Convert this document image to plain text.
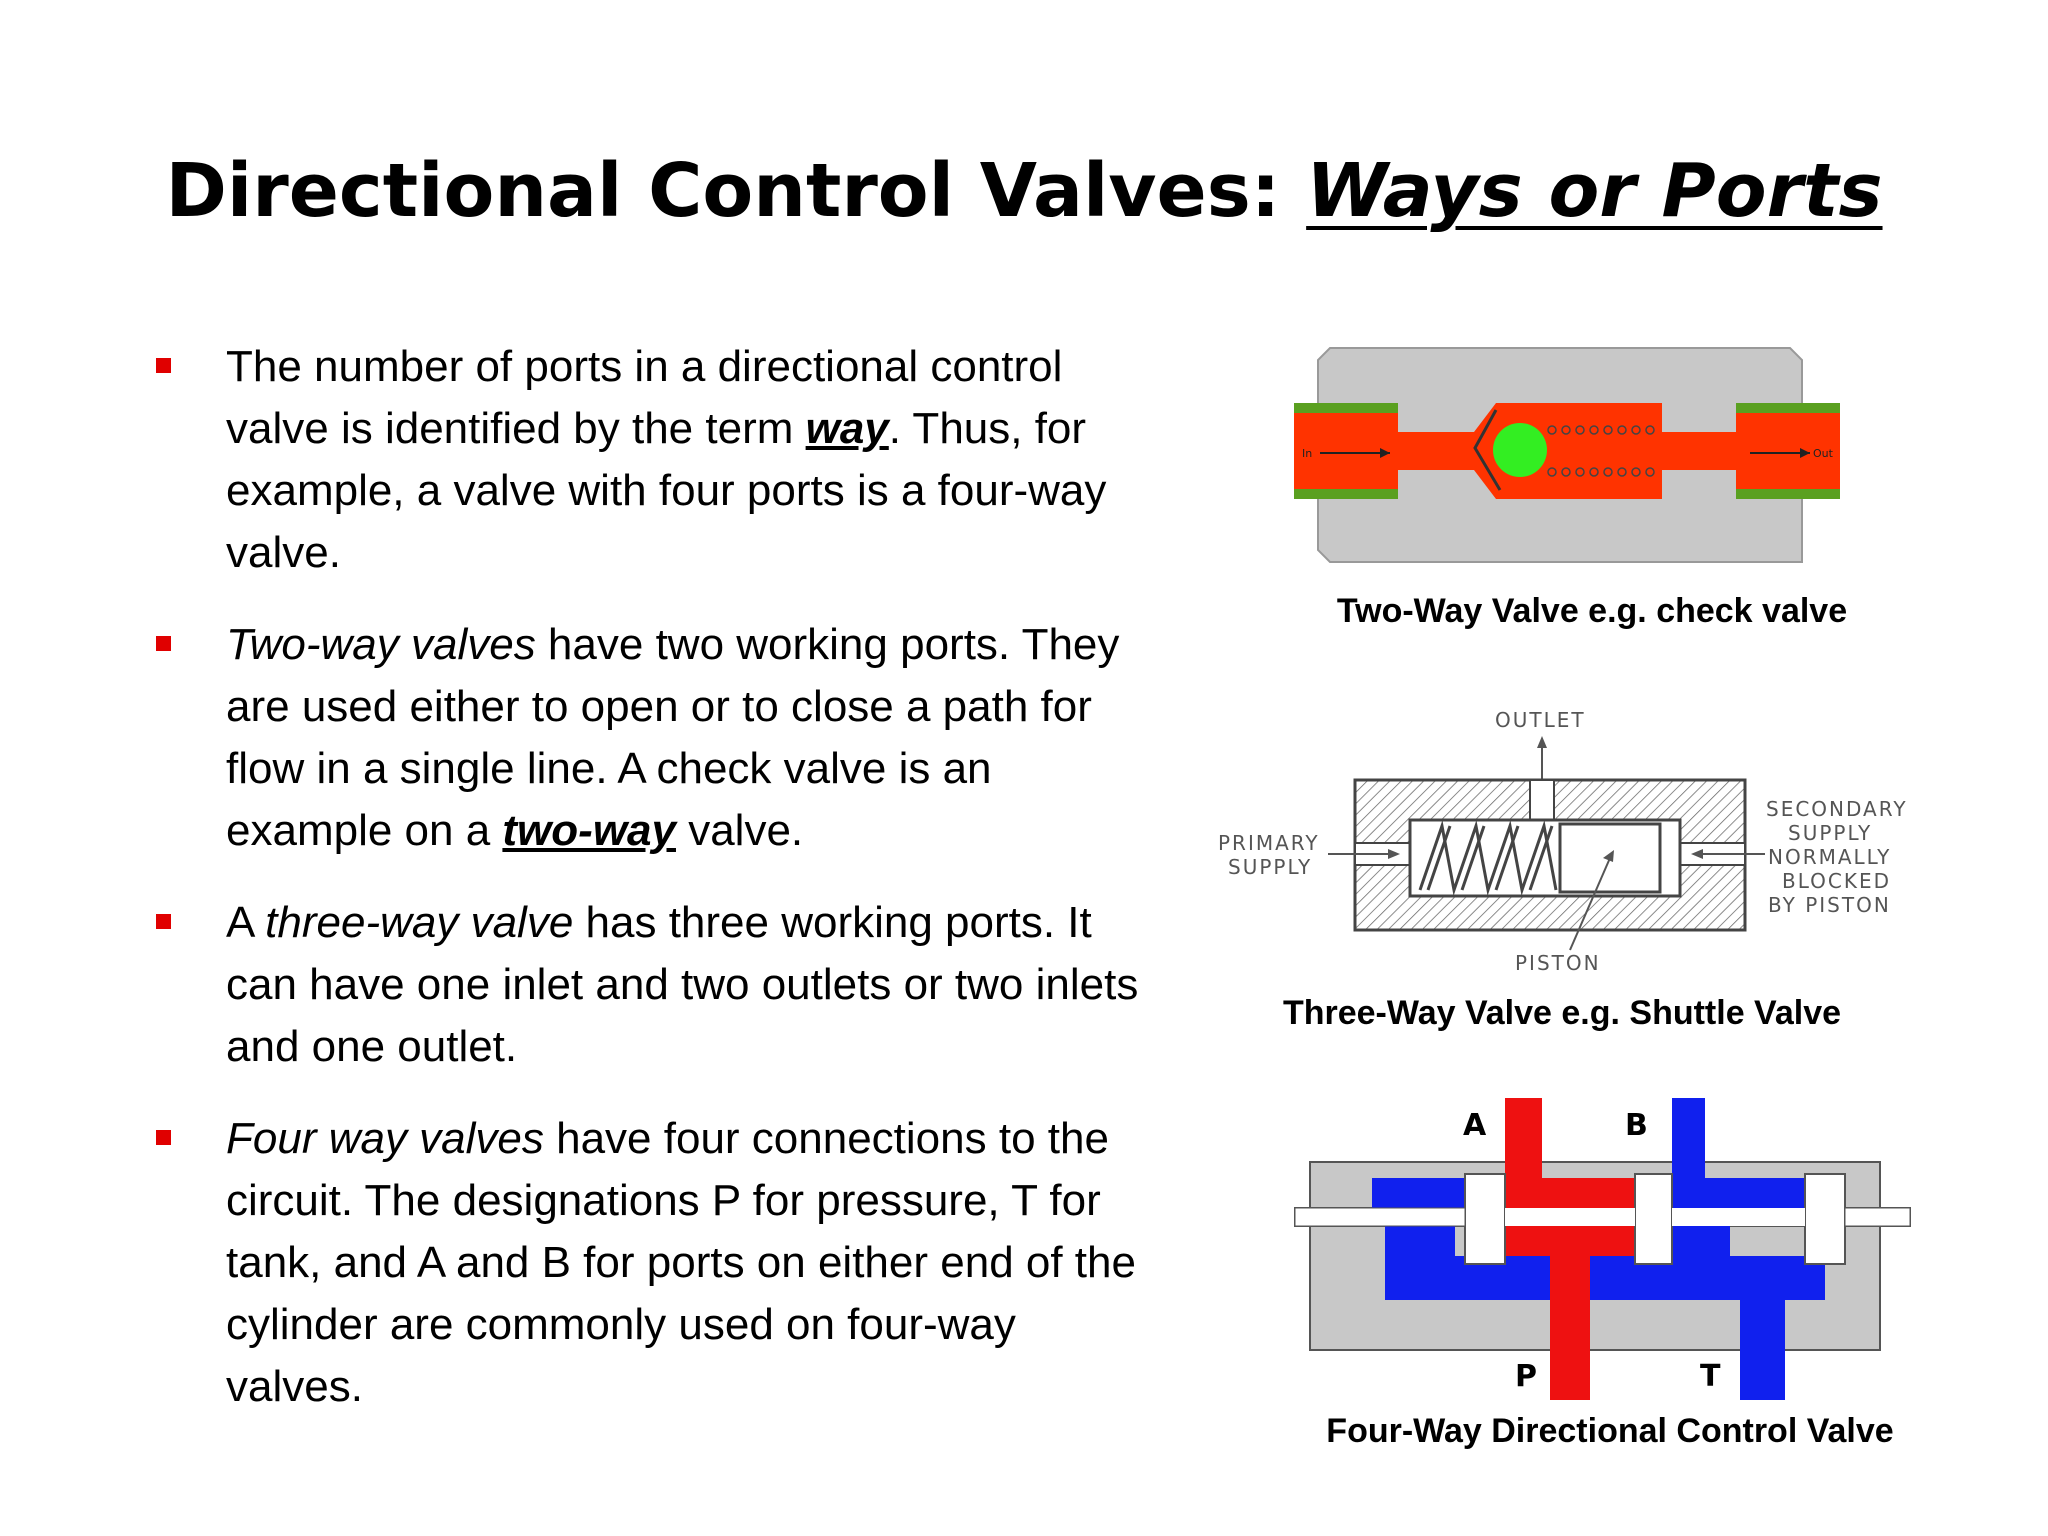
Directional Control Valves: Ways or Ports
The number of ports in a directional control valve is identified by the term way. Thus, for example, a valve with four ports is a four-way valve.
Two-way valves have two working ports. They are used either to open or to close a path for flow in a single line. A check valve is an example on a two-way valve.
A three-way valve has three working ports. It can have one inlet and two outlets or two inlets and one outlet.
Four way valves have four connections to the circuit. The designations P for pressure, T for tank, and A and B for ports on either end of the cylinder are commonly used on four-way valves.
In	Out
Two-Way Valve e.g. check valve
OUTLET
PISTON
PRIMARY
SUPPLY
SECONDARY
SUPPLY
NORMALLY
BLOCKED
BY PISTON
Three-Way Valve e.g. Shuttle Valve
A	B
P	T
Four-Way Directional Control Valve
